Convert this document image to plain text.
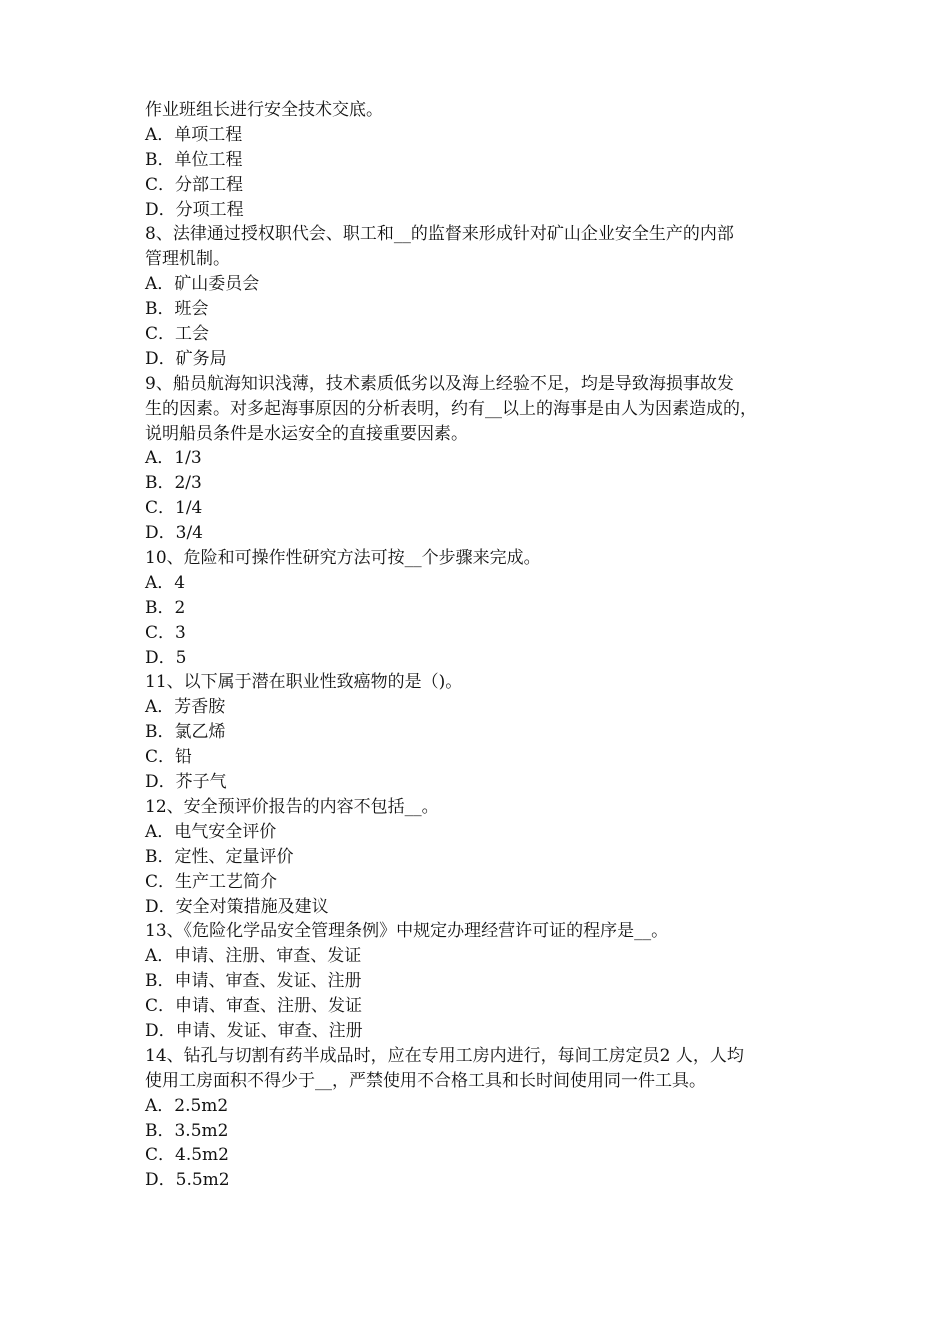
作业班组长进行安全技术交底。
A．单项工程
B．单位工程
C．分部工程
D．分项工程
8、法律通过授权职代会、职工和__的监督来形成针对矿山企业安全生产的内部
管理机制。
A．矿山委员会
B．班会
C．工会
D．矿务局
9、船员航海知识浅薄，技术素质低劣以及海上经验不足，均是导致海损事故发
生的因素。对多起海事原因的分析表明，约有__以上的海事是由人为因素造成的，
说明船员条件是水运安全的直接重要因素。
A．1/3
B．2/3
C．1/4
D．3/4
10、危险和可操作性研究方法可按__个步骤来完成。
A．4
B．2
C．3
D．5
11、以下属于潜在职业性致癌物的是（)。
A．芳香胺
B．氯乙烯
C．铅
D．芥子气
12、安全预评价报告的内容不包括__。
A．电气安全评价
B．定性、定量评价
C．生产工艺简介
D．安全对策措施及建议
13、《危险化学品安全管理条例》中规定办理经营许可证的程序是__。
A．申请、注册、审查、发证
B．申请、审查、发证、注册
C．申请、审查、注册、发证
D．申请、发证、审查、注册
14、钻孔与切割有药半成品时，应在专用工房内进行，每间工房定员2 人，人均
使用工房面积不得少于__，严禁使用不合格工具和长时间使用同一件工具。
A．2.5m2
B．3.5m2
C．4.5m2
D．5.5m2
